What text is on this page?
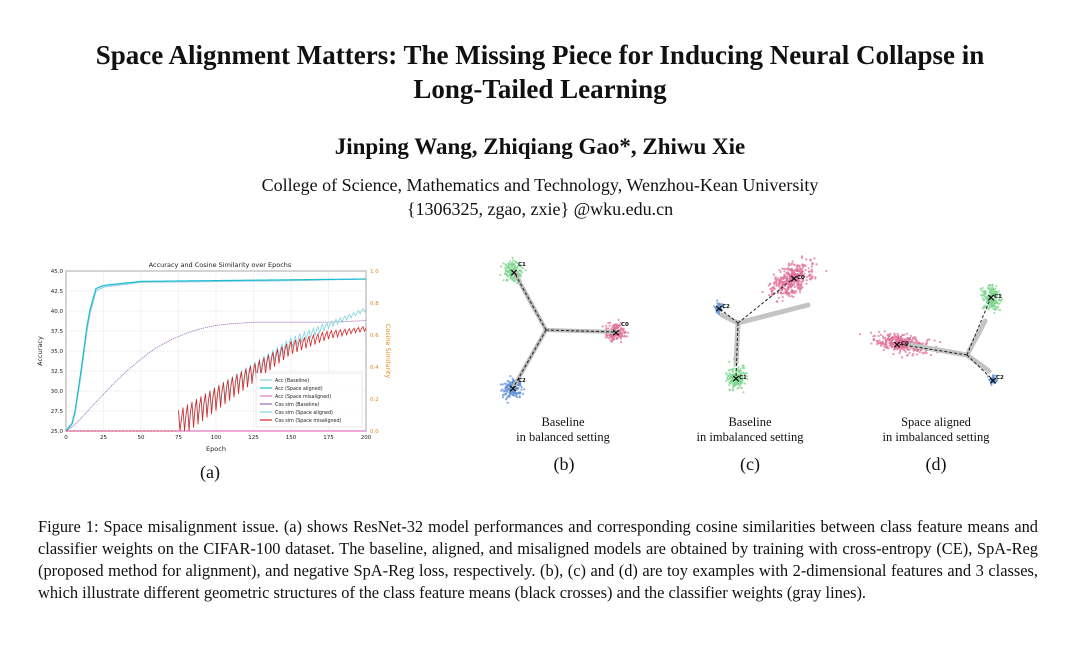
Space Alignment Matters: The Missing Piece for Inducing Neural Collapse in
Long-Tailed Learning
Jinping Wang, Zhiqiang Gao*, Zhiwu Xie
College of Science, Mathematics and Technology, Wenzhou-Kean University
{1306325, zgao, zxie} @wku.edu.cn
Accuracy and Cosine Similarity over Epochs
25.0
27.5
30.0
32.5
35.0
37.5
40.0
42.5
45.0
0.0
0.2
0.4
0.6
0.8
1.0
0	25	50	75	100	125	150	175	200
Epoch
Accuracy	Cosine Similarity
Acc (Baseline)
Acc (Space aligned)
Acc (Space misaligned)
Cos sim (Baseline)
Cos sim (Space aligned)
Cos sim (Space misaligned)
(a)
×
×
×
C1
C0
C2
Baseline
in balanced setting
(b)
×
×
×
C0
C2
C1
Baseline
in imbalanced setting
(c)
×
×
×
C0
C1
C2
Space aligned
in imbalanced setting
(d)
Figure 1: Space misalignment issue. (a) shows ResNet-32 model performances and corresponding cosine similarities between class feature means and classifier weights on the CIFAR-100 dataset. The baseline, aligned, and misaligned models are obtained by training with cross-entropy (CE), SpA-Reg (proposed method for alignment), and negative SpA-Reg loss, respectively. (b), (c) and (d) are toy examples with 2-dimensional features and 3 classes, which illustrate different geometric structures of the class feature means (black crosses) and the classifier weights (gray lines).
